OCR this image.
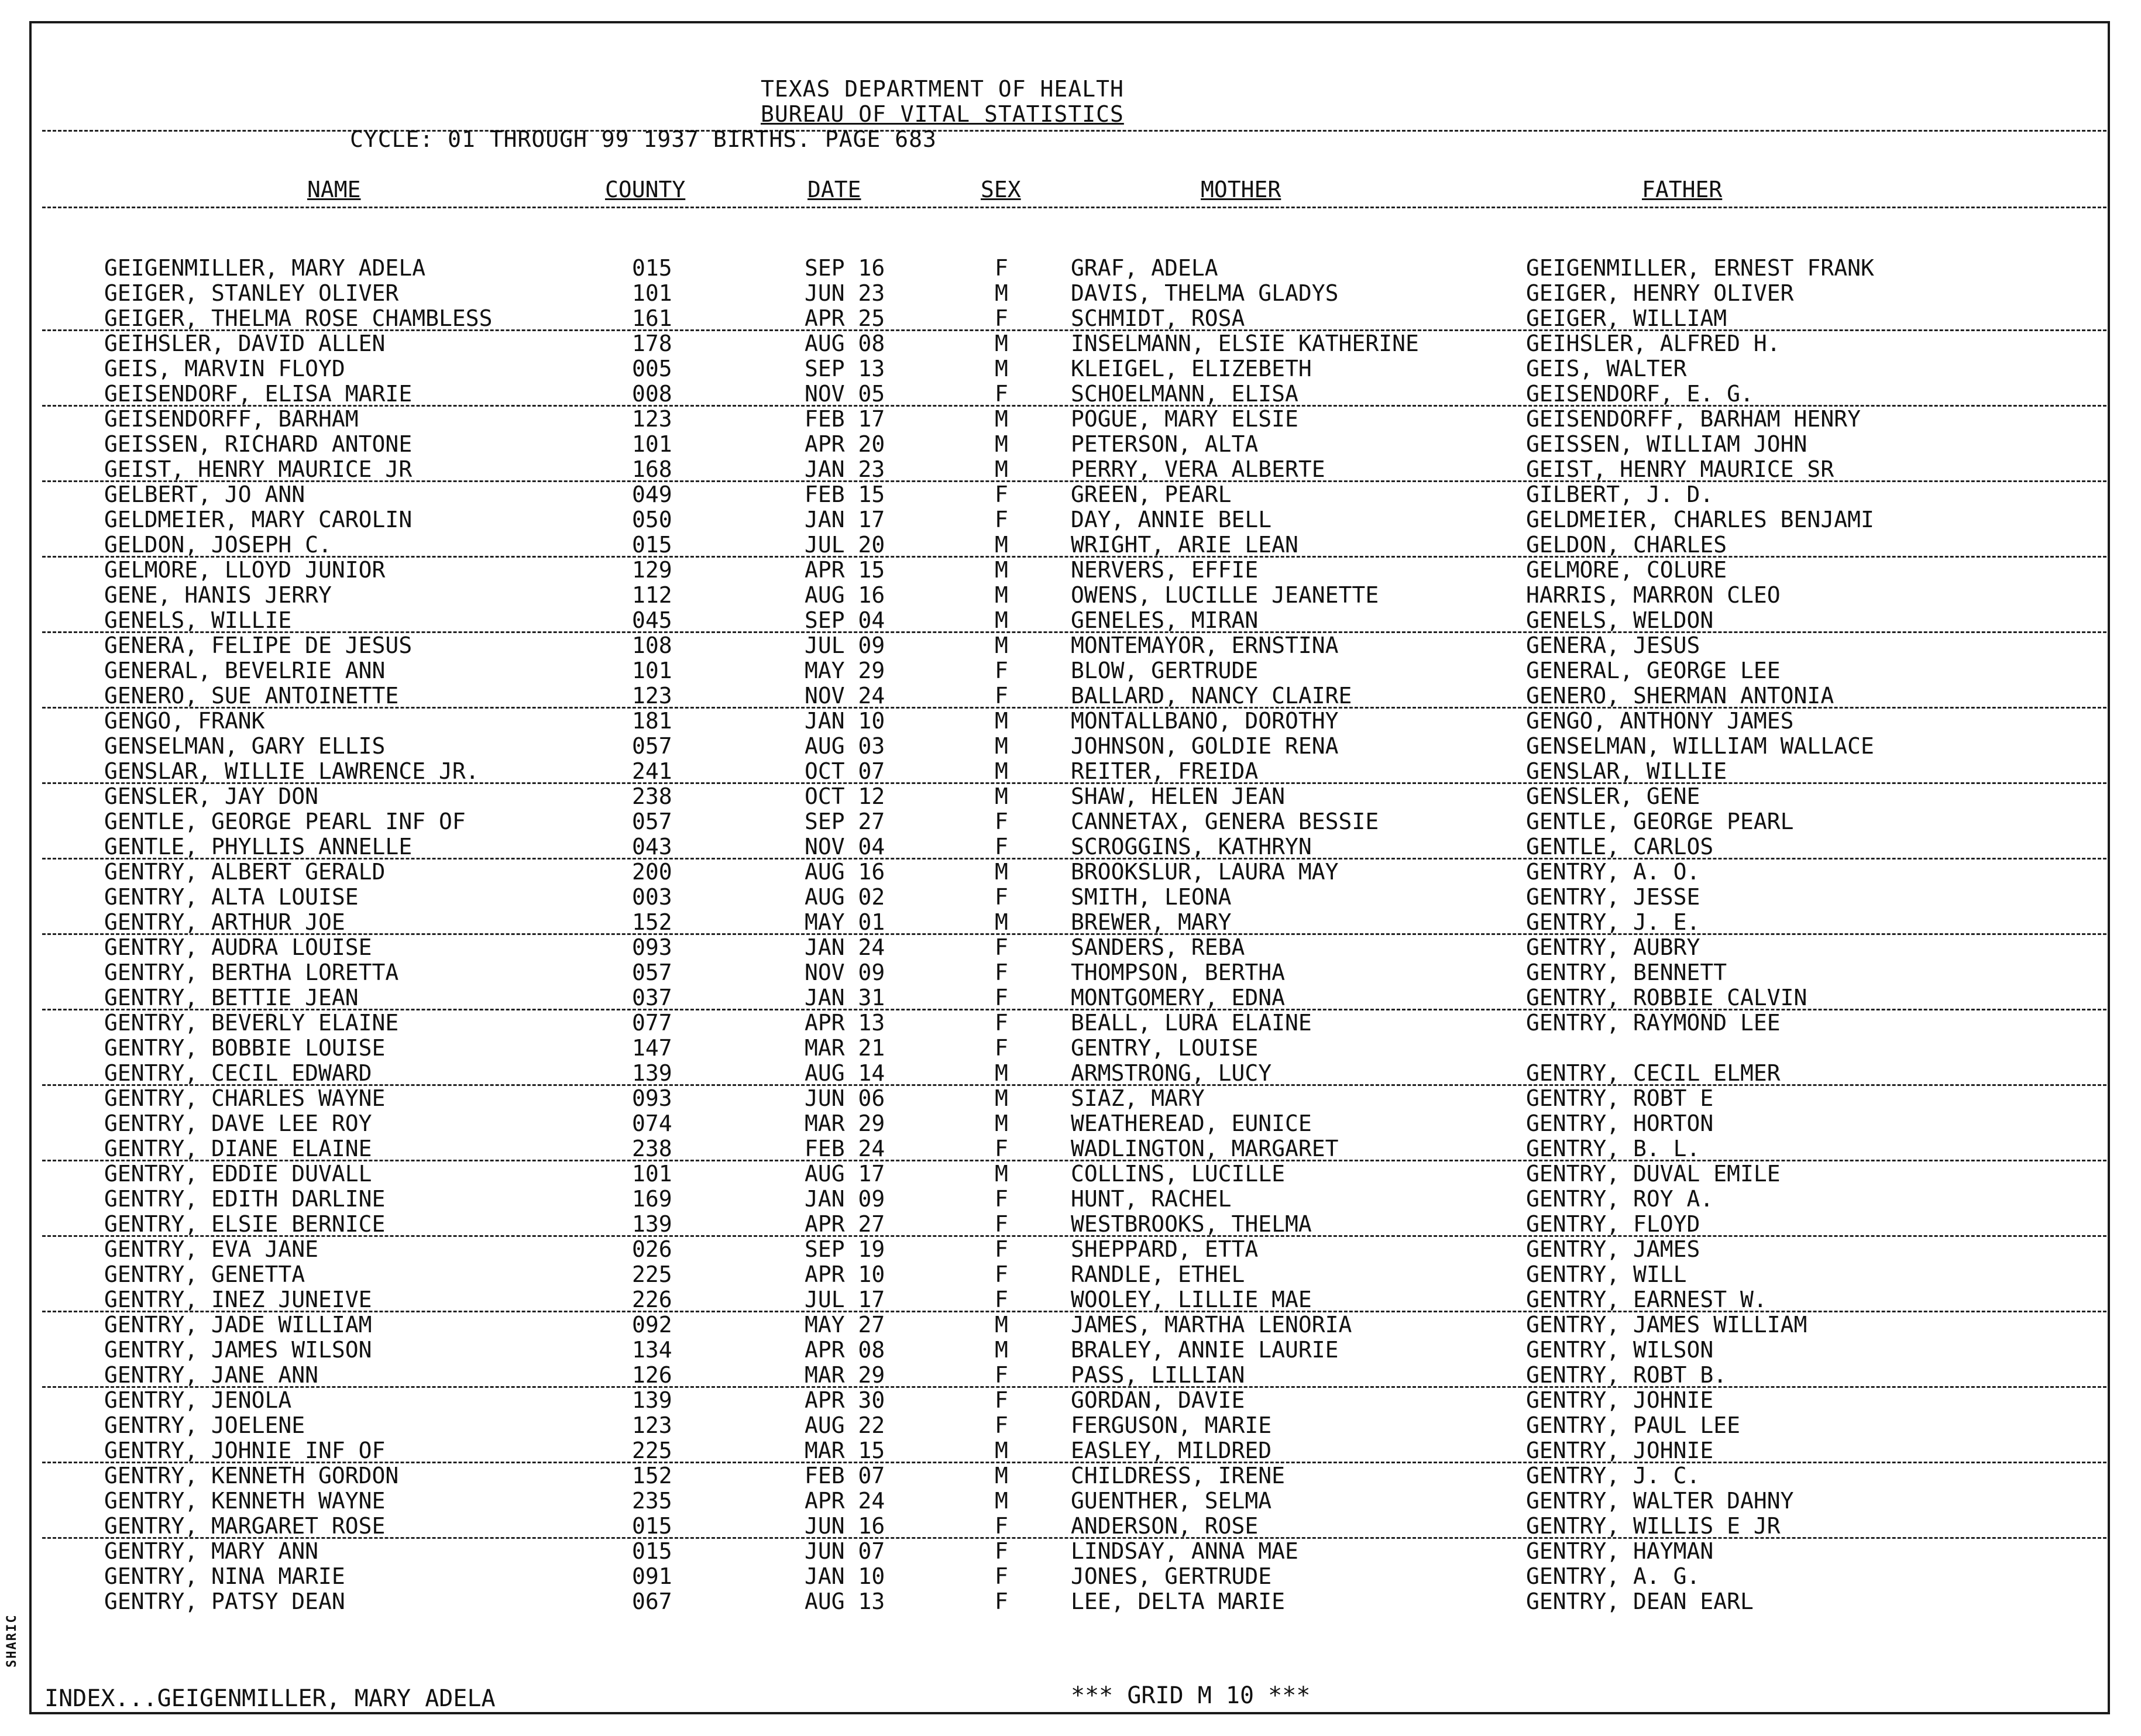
SHARIC
TEXAS DEPARTMENT OF HEALTH
BUREAU OF VITAL STATISTICS
CYCLE: 01 THROUGH 99 1937 BIRTHS. PAGE 683
NAME	COUNTY	DATE	SEX	MOTHER	FATHER
GEIGENMILLER, MARY ADELA	015	SEP 16	F	GRAF, ADELA	GEIGENMILLER, ERNEST FRANK
GEIGER, STANLEY OLIVER	101	JUN 23	M	DAVIS, THELMA GLADYS	GEIGER, HENRY OLIVER
GEIGER, THELMA ROSE CHAMBLESS	161	APR 25	F	SCHMIDT, ROSA	GEIGER, WILLIAM
GEIHSLER, DAVID ALLEN	178	AUG 08	M	INSELMANN, ELSIE KATHERINE	GEIHSLER, ALFRED H.
GEIS, MARVIN FLOYD	005	SEP 13	M	KLEIGEL, ELIZEBETH	GEIS, WALTER
GEISENDORF, ELISA MARIE	008	NOV 05	F	SCHOELMANN, ELISA	GEISENDORF, E. G.
GEISENDORFF, BARHAM	123	FEB 17	M	POGUE, MARY ELSIE	GEISENDORFF, BARHAM HENRY
GEISSEN, RICHARD ANTONE	101	APR 20	M	PETERSON, ALTA	GEISSEN, WILLIAM JOHN
GEIST, HENRY MAURICE JR	168	JAN 23	M	PERRY, VERA ALBERTE	GEIST, HENRY MAURICE SR
GELBERT, JO ANN	049	FEB 15	F	GREEN, PEARL	GILBERT, J. D.
GELDMEIER, MARY CAROLIN	050	JAN 17	F	DAY, ANNIE BELL	GELDMEIER, CHARLES BENJAMI
GELDON, JOSEPH C.	015	JUL 20	M	WRIGHT, ARIE LEAN	GELDON, CHARLES
GELMORE, LLOYD JUNIOR	129	APR 15	M	NERVERS, EFFIE	GELMORE, COLURE
GENE, HANIS JERRY	112	AUG 16	M	OWENS, LUCILLE JEANETTE	HARRIS, MARRON CLEO
GENELS, WILLIE	045	SEP 04	M	GENELES, MIRAN	GENELS, WELDON
GENERA, FELIPE DE JESUS	108	JUL 09	M	MONTEMAYOR, ERNSTINA	GENERA, JESUS
GENERAL, BEVELRIE ANN	101	MAY 29	F	BLOW, GERTRUDE	GENERAL, GEORGE LEE
GENERO, SUE ANTOINETTE	123	NOV 24	F	BALLARD, NANCY CLAIRE	GENERO, SHERMAN ANTONIA
GENGO, FRANK	181	JAN 10	M	MONTALLBANO, DOROTHY	GENGO, ANTHONY JAMES
GENSELMAN, GARY ELLIS	057	AUG 03	M	JOHNSON, GOLDIE RENA	GENSELMAN, WILLIAM WALLACE
GENSLAR, WILLIE LAWRENCE JR.	241	OCT 07	M	REITER, FREIDA	GENSLAR, WILLIE
GENSLER, JAY DON	238	OCT 12	M	SHAW, HELEN JEAN	GENSLER, GENE
GENTLE, GEORGE PEARL INF OF	057	SEP 27	F	CANNETAX, GENERA BESSIE	GENTLE, GEORGE PEARL
GENTLE, PHYLLIS ANNELLE	043	NOV 04	F	SCROGGINS, KATHRYN	GENTLE, CARLOS
GENTRY, ALBERT GERALD	200	AUG 16	M	BROOKSLUR, LAURA MAY	GENTRY, A. O.
GENTRY, ALTA LOUISE	003	AUG 02	F	SMITH, LEONA	GENTRY, JESSE
GENTRY, ARTHUR JOE	152	MAY 01	M	BREWER, MARY	GENTRY, J. E.
GENTRY, AUDRA LOUISE	093	JAN 24	F	SANDERS, REBA	GENTRY, AUBRY
GENTRY, BERTHA LORETTA	057	NOV 09	F	THOMPSON, BERTHA	GENTRY, BENNETT
GENTRY, BETTIE JEAN	037	JAN 31	F	MONTGOMERY, EDNA	GENTRY, ROBBIE CALVIN
GENTRY, BEVERLY ELAINE	077	APR 13	F	BEALL, LURA ELAINE	GENTRY, RAYMOND LEE
GENTRY, BOBBIE LOUISE	147	MAR 21	F	GENTRY, LOUISE
GENTRY, CECIL EDWARD	139	AUG 14	M	ARMSTRONG, LUCY	GENTRY, CECIL ELMER
GENTRY, CHARLES WAYNE	093	JUN 06	M	SIAZ, MARY	GENTRY, ROBT E
GENTRY, DAVE LEE ROY	074	MAR 29	M	WEATHEREAD, EUNICE	GENTRY, HORTON
GENTRY, DIANE ELAINE	238	FEB 24	F	WADLINGTON, MARGARET	GENTRY, B. L.
GENTRY, EDDIE DUVALL	101	AUG 17	M	COLLINS, LUCILLE	GENTRY, DUVAL EMILE
GENTRY, EDITH DARLINE	169	JAN 09	F	HUNT, RACHEL	GENTRY, ROY A.
GENTRY, ELSIE BERNICE	139	APR 27	F	WESTBROOKS, THELMA	GENTRY, FLOYD
GENTRY, EVA JANE	026	SEP 19	F	SHEPPARD, ETTA	GENTRY, JAMES
GENTRY, GENETTA	225	APR 10	F	RANDLE, ETHEL	GENTRY, WILL
GENTRY, INEZ JUNEIVE	226	JUL 17	F	WOOLEY, LILLIE MAE	GENTRY, EARNEST W.
GENTRY, JADE WILLIAM	092	MAY 27	M	JAMES, MARTHA LENORIA	GENTRY, JAMES WILLIAM
GENTRY, JAMES WILSON	134	APR 08	M	BRALEY, ANNIE LAURIE	GENTRY, WILSON
GENTRY, JANE ANN	126	MAR 29	F	PASS, LILLIAN	GENTRY, ROBT B.
GENTRY, JENOLA	139	APR 30	F	GORDAN, DAVIE	GENTRY, JOHNIE
GENTRY, JOELENE	123	AUG 22	F	FERGUSON, MARIE	GENTRY, PAUL LEE
GENTRY, JOHNIE INF OF	225	MAR 15	M	EASLEY, MILDRED	GENTRY, JOHNIE
GENTRY, KENNETH GORDON	152	FEB 07	M	CHILDRESS, IRENE	GENTRY, J. C.
GENTRY, KENNETH WAYNE	235	APR 24	M	GUENTHER, SELMA	GENTRY, WALTER DAHNY
GENTRY, MARGARET ROSE	015	JUN 16	F	ANDERSON, ROSE	GENTRY, WILLIS E JR
GENTRY, MARY ANN	015	JUN 07	F	LINDSAY, ANNA MAE	GENTRY, HAYMAN
GENTRY, NINA MARIE	091	JAN 10	F	JONES, GERTRUDE	GENTRY, A. G.
GENTRY, PATSY DEAN	067	AUG 13	F	LEE, DELTA MARIE	GENTRY, DEAN EARL
INDEX...GEIGENMILLER, MARY ADELA	*** GRID M 10 ***
